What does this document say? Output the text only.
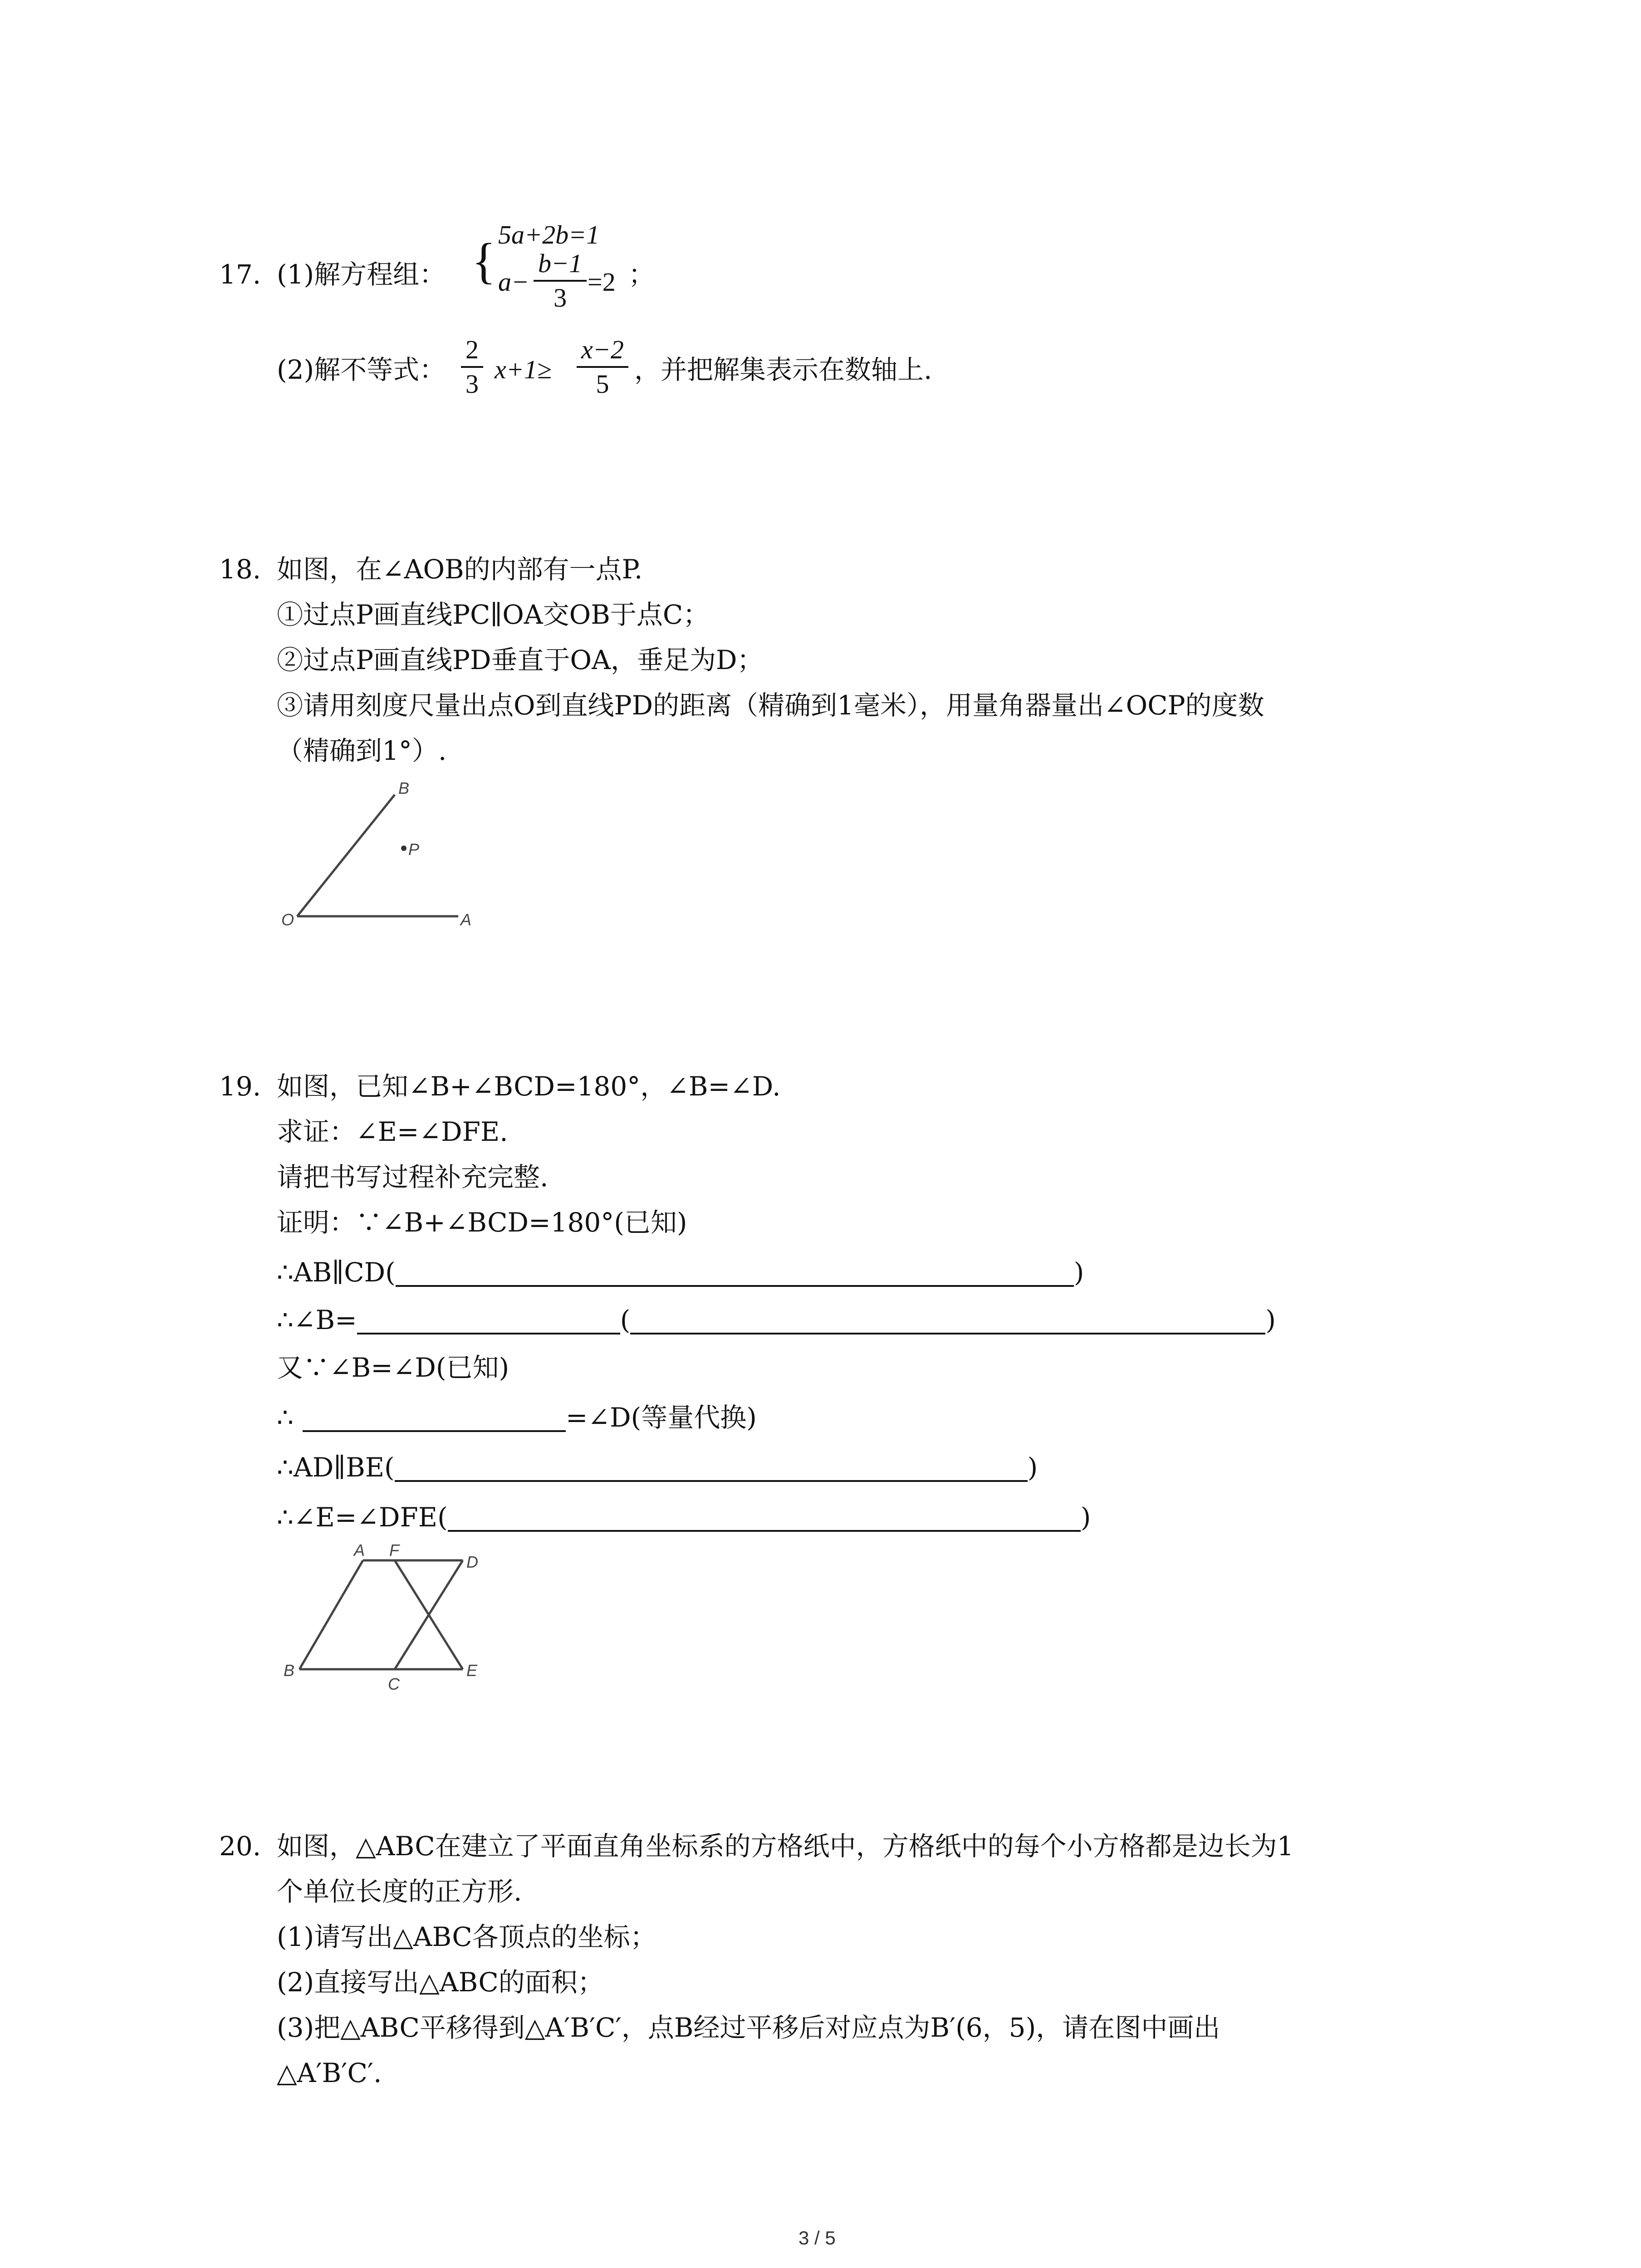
17. (1)解方程组： { 5a+2b=1
$a- \frac{b-1}{3} =2$ ；
(2)解不等式： $\frac{2}{3} x+1\ge \frac{x-2}{5}$ ，并把解集表示在数轴上.
18. 如图，在∠AOB的内部有一点P.
①过点P画直线PC∥OA交OB于点C；
②过点P画直线PD垂直于OA，垂足为D；
③请用刻度尺量出点O到直线PD的距离（精确到1毫米），用量角器量出∠OCP的度数
（精确到1°）.
B
P
O	A
19. 如图，已知∠B+∠BCD=180°，∠B=∠D.
求证：∠E=∠DFE.
请把书写过程补充完整.
证明：∵∠B+∠BCD=180°(已知)
∴AB∥CD(	)
∴∠B=	(	)
又∵∠B=∠D(已知)
∴	=∠D(等量代换)
∴AD∥BE(	)
∴∠E=∠DFE(	)
A F
D
B
C
E
20. 如图，△ABC在建立了平面直角坐标系的方格纸中，方格纸中的每个小方格都是边长为1
个单位长度的正方形.
(1)请写出△ABC各顶点的坐标；
(2)直接写出△ABC的面积；
(3)把△ABC平移得到△A′B′C′，点B经过平移后对应点为B′(6，5)，请在图中画出
△A′B′C′.
3 / 5
